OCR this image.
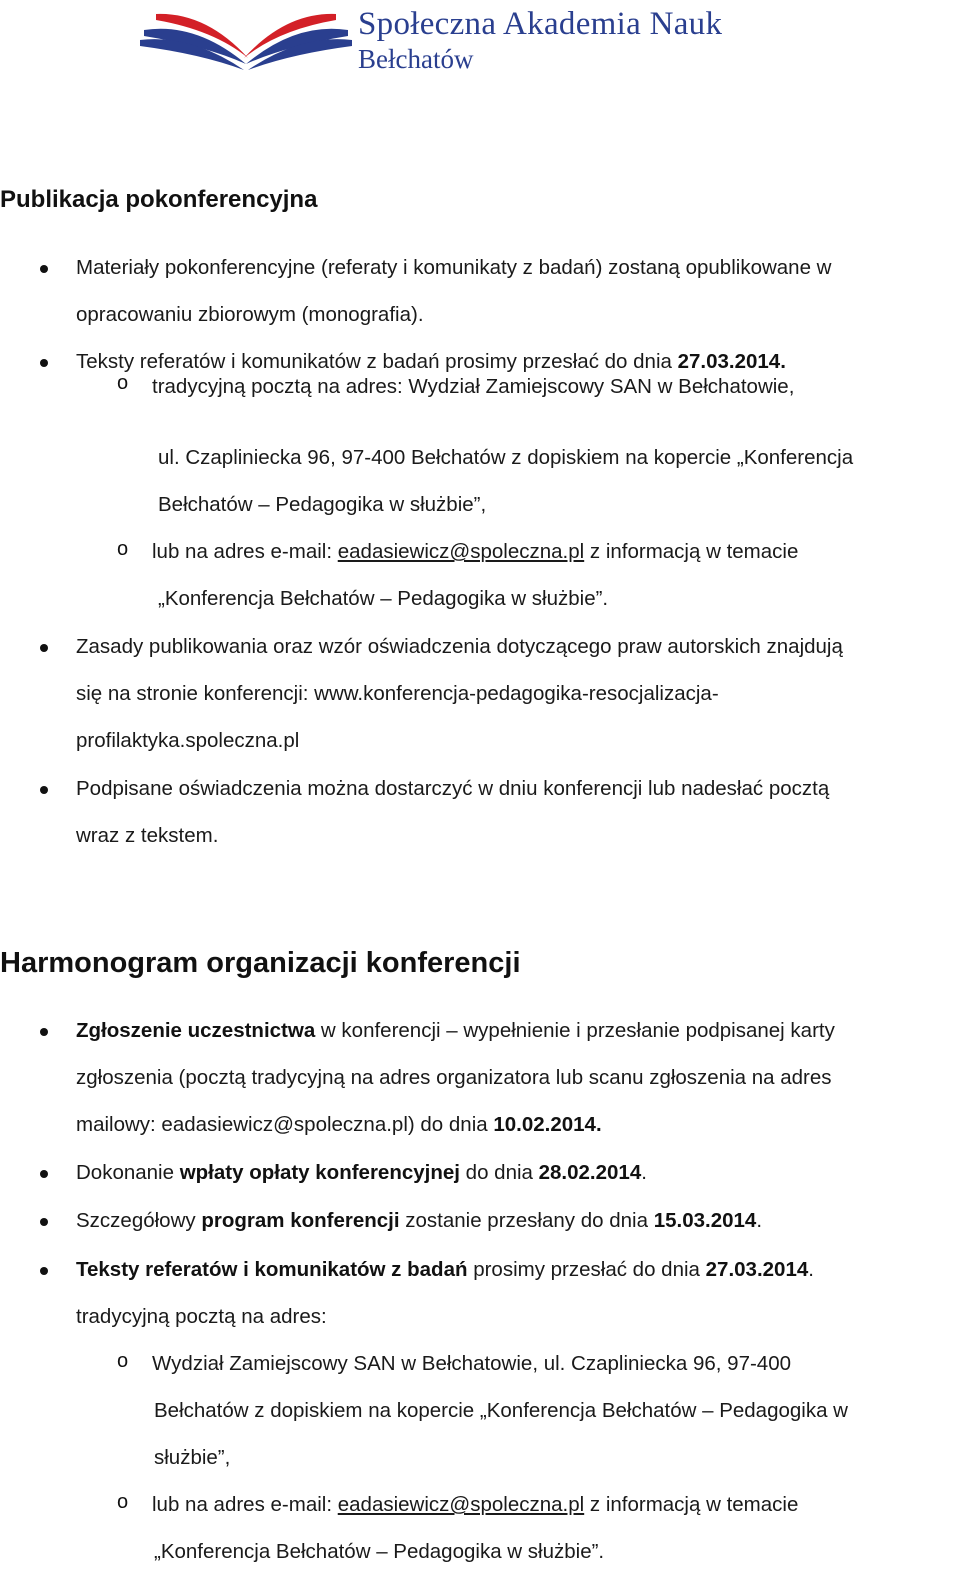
Społeczna Akademia Nauk
Bełchatów
Publikacja pokonferencyjna
Materiały pokonferencyjne (referaty i komunikaty z badań) zostaną opublikowane w
opracowaniu zbiorowym (monografia).
Teksty referatów i komunikatów z badań prosimy przesłać do dnia 27.03.2014.
o tradycyjną pocztą na adres: Wydział Zamiejscowy SAN w Bełchatowie,
ul. Czapliniecka 96, 97-400 Bełchatów z dopiskiem na kopercie „Konferencja
Bełchatów – Pedagogika w służbie”,
o lub na adres e-mail: eadasiewicz@spoleczna.pl z informacją w temacie
„Konferencja Bełchatów – Pedagogika w służbie”.
Zasady publikowania oraz wzór oświadczenia dotyczącego praw autorskich znajdują
się na stronie konferencji: www.konferencja-pedagogika-resocjalizacja-
profilaktyka.spoleczna.pl
Podpisane oświadczenia można dostarczyć w dniu konferencji lub nadesłać pocztą
wraz z tekstem.
Harmonogram organizacji konferencji
Zgłoszenie uczestnictwa w konferencji – wypełnienie i przesłanie podpisanej karty
zgłoszenia (pocztą tradycyjną na adres organizatora lub scanu zgłoszenia na adres
mailowy: eadasiewicz@spoleczna.pl) do dnia 10.02.2014.
Dokonanie wpłaty opłaty konferencyjnej do dnia 28.02.2014.
Szczegółowy program konferencji zostanie przesłany do dnia 15.03.2014.
Teksty referatów i komunikatów z badań prosimy przesłać do dnia 27.03.2014.
tradycyjną pocztą na adres:
o Wydział Zamiejscowy SAN w Bełchatowie, ul. Czapliniecka 96, 97-400
Bełchatów z dopiskiem na kopercie „Konferencja Bełchatów – Pedagogika w
służbie”,
o lub na adres e-mail: eadasiewicz@spoleczna.pl z informacją w temacie
„Konferencja Bełchatów – Pedagogika w służbie”.
